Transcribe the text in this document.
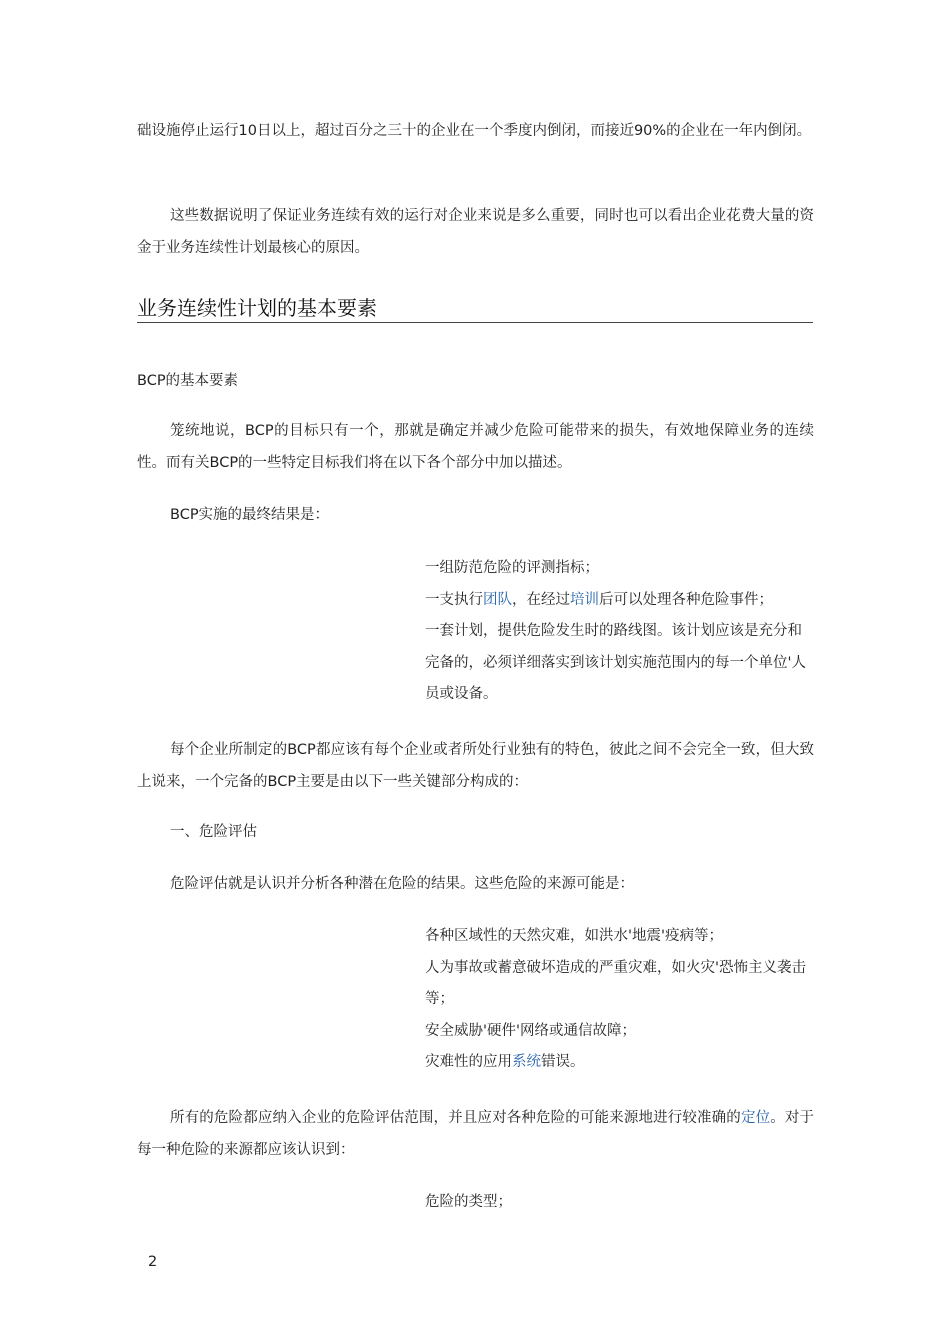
础设施停止运行10日以上，超过百分之三十的企业在一个季度内倒闭，而接近90%的企业在一年内倒闭。

这些数据说明了保证业务连续有效的运行对企业来说是多么重要，同时也可以看出企业花费大量的资金于业务连续性计划最核心的原因。

业务连续性计划的基本要素

BCP的基本要素

笼统地说，BCP的目标只有一个，那就是确定并减少危险可能带来的损失，有效地保障业务的连续性。而有关BCP的一些特定目标我们将在以下各个部分中加以描述。

BCP实施的最终结果是：

一组防范危险的评测指标；
一支执行团队，在经过培训后可以处理各种危险事件；
一套计划，提供危险发生时的路线图。该计划应该是充分和完备的，必须详细落实到该计划实施范围内的每一个单位'人员或设备。

每个企业所制定的BCP都应该有每个企业或者所处行业独有的特色，彼此之间不会完全一致，但大致上说来，一个完备的BCP主要是由以下一些关键部分构成的：

一、危险评估

危险评估就是认识并分析各种潜在危险的结果。这些危险的来源可能是：

各种区域性的天然灾难，如洪水'地震'疫病等；
人为事故或蓄意破坏造成的严重灾难，如火灾'恐怖主义袭击等；
安全威胁'硬件'网络或通信故障；
灾难性的应用系统错误。

所有的危险都应纳入企业的危险评估范围，并且应对各种危险的可能来源地进行较准确的定位。对于每一种危险的来源都应该认识到：

危险的类型；
2
